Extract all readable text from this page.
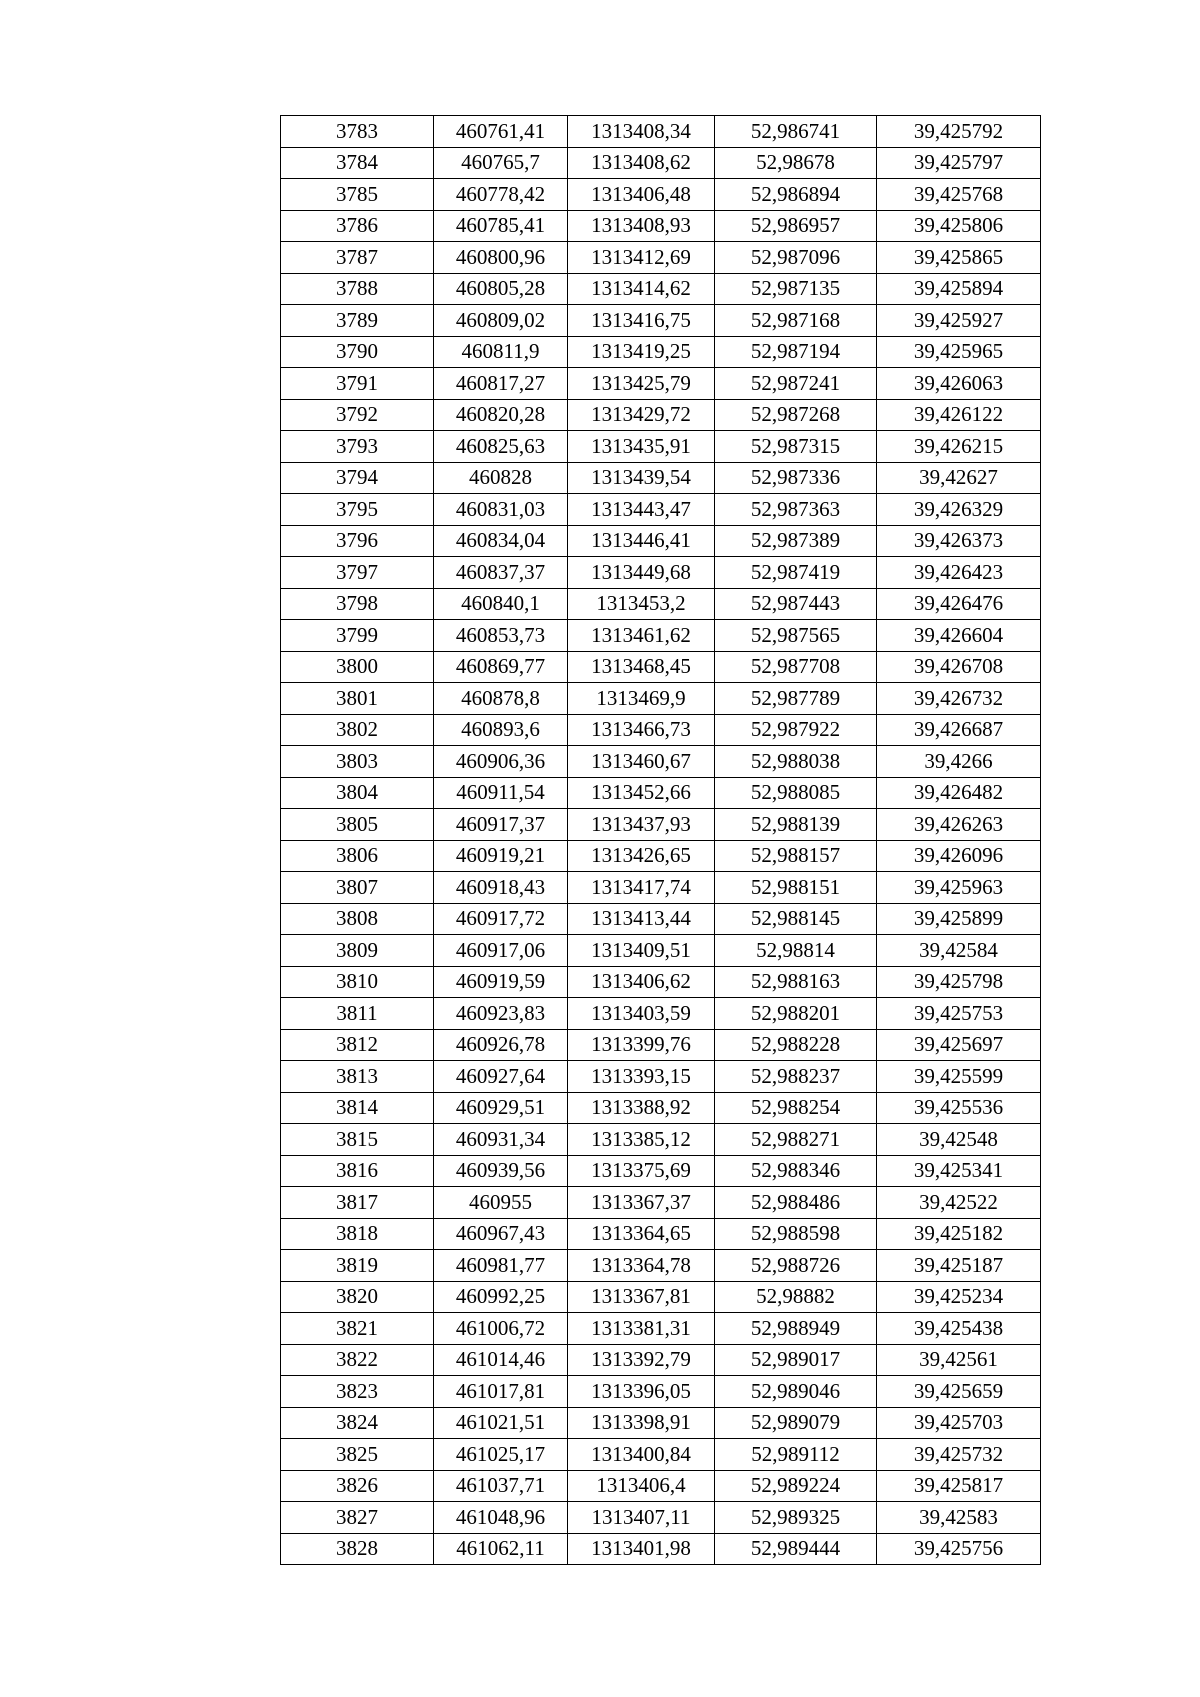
3783	460761,41	1313408,34	52,986741	39,425792
3784	460765,7	1313408,62	52,98678	39,425797
3785	460778,42	1313406,48	52,986894	39,425768
3786	460785,41	1313408,93	52,986957	39,425806
3787	460800,96	1313412,69	52,987096	39,425865
3788	460805,28	1313414,62	52,987135	39,425894
3789	460809,02	1313416,75	52,987168	39,425927
3790	460811,9	1313419,25	52,987194	39,425965
3791	460817,27	1313425,79	52,987241	39,426063
3792	460820,28	1313429,72	52,987268	39,426122
3793	460825,63	1313435,91	52,987315	39,426215
3794	460828	1313439,54	52,987336	39,42627
3795	460831,03	1313443,47	52,987363	39,426329
3796	460834,04	1313446,41	52,987389	39,426373
3797	460837,37	1313449,68	52,987419	39,426423
3798	460840,1	1313453,2	52,987443	39,426476
3799	460853,73	1313461,62	52,987565	39,426604
3800	460869,77	1313468,45	52,987708	39,426708
3801	460878,8	1313469,9	52,987789	39,426732
3802	460893,6	1313466,73	52,987922	39,426687
3803	460906,36	1313460,67	52,988038	39,4266
3804	460911,54	1313452,66	52,988085	39,426482
3805	460917,37	1313437,93	52,988139	39,426263
3806	460919,21	1313426,65	52,988157	39,426096
3807	460918,43	1313417,74	52,988151	39,425963
3808	460917,72	1313413,44	52,988145	39,425899
3809	460917,06	1313409,51	52,98814	39,42584
3810	460919,59	1313406,62	52,988163	39,425798
3811	460923,83	1313403,59	52,988201	39,425753
3812	460926,78	1313399,76	52,988228	39,425697
3813	460927,64	1313393,15	52,988237	39,425599
3814	460929,51	1313388,92	52,988254	39,425536
3815	460931,34	1313385,12	52,988271	39,42548
3816	460939,56	1313375,69	52,988346	39,425341
3817	460955	1313367,37	52,988486	39,42522
3818	460967,43	1313364,65	52,988598	39,425182
3819	460981,77	1313364,78	52,988726	39,425187
3820	460992,25	1313367,81	52,98882	39,425234
3821	461006,72	1313381,31	52,988949	39,425438
3822	461014,46	1313392,79	52,989017	39,42561
3823	461017,81	1313396,05	52,989046	39,425659
3824	461021,51	1313398,91	52,989079	39,425703
3825	461025,17	1313400,84	52,989112	39,425732
3826	461037,71	1313406,4	52,989224	39,425817
3827	461048,96	1313407,11	52,989325	39,42583
3828	461062,11	1313401,98	52,989444	39,425756
